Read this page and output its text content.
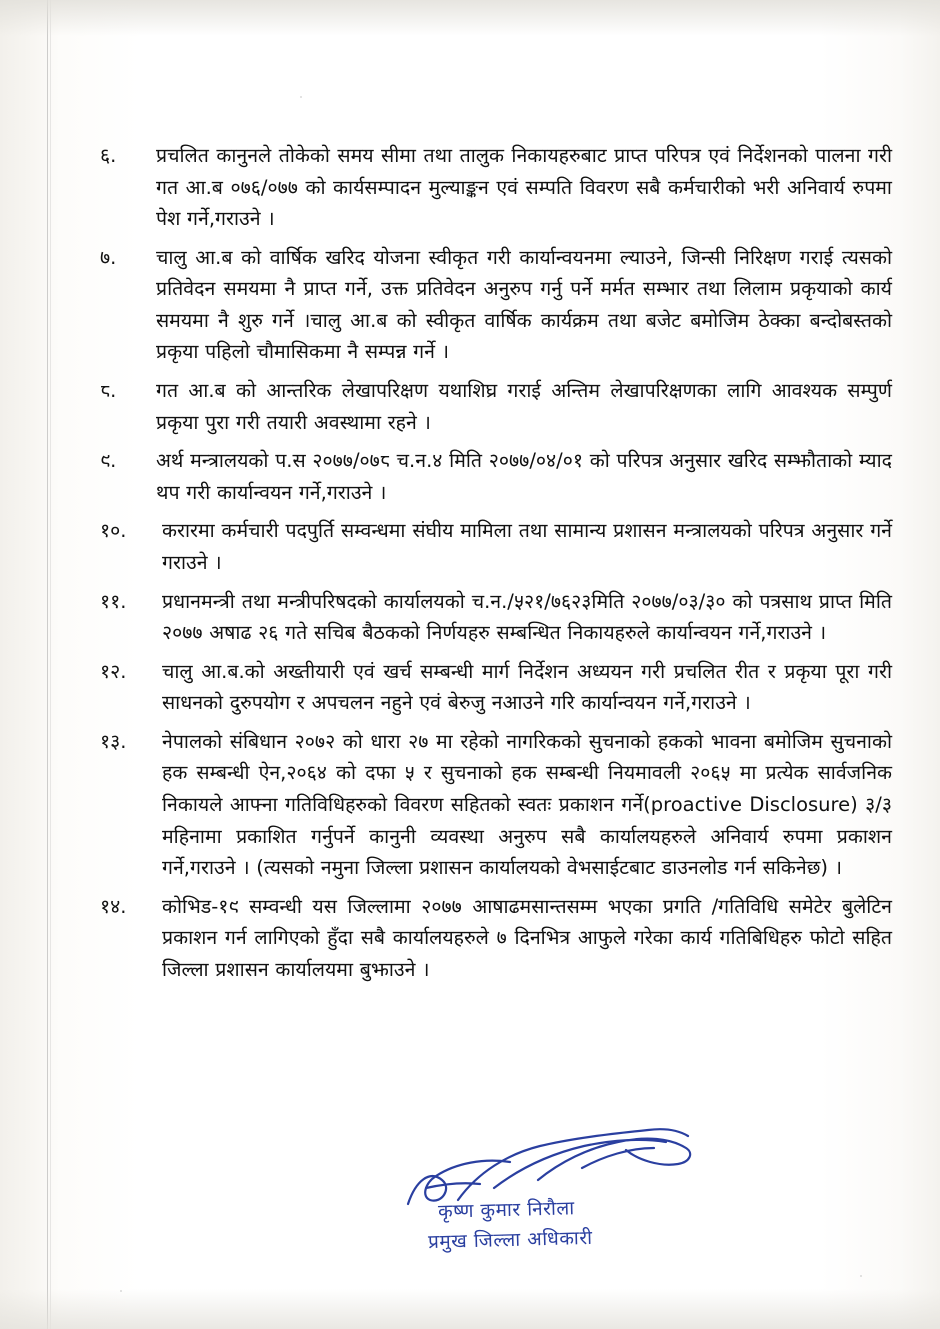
६.	प्रचलित कानुनले तोकेको समय सीमा तथा तालुक निकायहरुबाट प्राप्त परिपत्र एवं निर्देशनको पालना गरी गत आ.ब ०७६/०७७ को कार्यसम्पादन मुल्याङ्कन एवं सम्पति विवरण सबै कर्मचारीको भरी अनिवार्य रुपमा पेश गर्ने,गराउने ।
७.	चालु आ.ब को वार्षिक खरिद योजना स्वीकृत गरी कार्यान्वयनमा ल्याउने, जिन्सी निरिक्षण गराई त्यसको प्रतिवेदन समयमा नै प्राप्त गर्ने, उक्त प्रतिवेदन अनुरुप गर्नु पर्ने मर्मत सम्भार तथा लिलाम प्रकृयाको कार्य समयमा नै शुरु गर्ने ।चालु आ.ब को स्वीकृत वार्षिक कार्यक्रम तथा बजेट बमोजिम ठेक्का बन्दोबस्तको प्रकृया पहिलो चौमासिकमा नै सम्पन्न गर्ने ।
८.	गत आ.ब को आन्तरिक लेखापरिक्षण यथाशिघ्र गराई अन्तिम लेखापरिक्षणका लागि आवश्यक सम्पुर्ण प्रकृया पुरा गरी तयारी अवस्थामा रहने ।
९.	अर्थ मन्त्रालयको प.स २०७७/०७८ च.न.४ मिति २०७७/०४/०१ को परिपत्र अनुसार खरिद सम्झौताको म्याद थप गरी कार्यान्वयन गर्ने,गराउने ।
१०.	करारमा कर्मचारी पदपुर्ति सम्वन्धमा संघीय मामिला तथा सामान्य प्रशासन मन्त्रालयको परिपत्र अनुसार गर्ने गराउने ।
११.	प्रधानमन्त्री तथा मन्त्रीपरिषदको कार्यालयको च.न./५२१/७६२३मिति २०७७/०३/३० को पत्रसाथ प्राप्त मिति २०७७ अषाढ २६ गते सचिब बैठकको निर्णयहरु सम्बन्धित निकायहरुले कार्यान्वयन गर्ने,गराउने ।
१२.	चालु आ.ब.को अख्तीयारी एवं खर्च सम्बन्धी मार्ग निर्देशन अध्ययन गरी प्रचलित रीत र प्रकृया पूरा गरी साधनको दुरुपयोग र अपचलन नहुने एवं बेरुजु नआउने गरि कार्यान्वयन गर्ने,गराउने ।
१३.	नेपालको संबिधान २०७२ को धारा २७ मा रहेको नागरिकको सुचनाको हकको भावना बमोजिम सुचनाको हक सम्बन्धी ऐन,२०६४ को दफा ५ र सुचनाको हक सम्बन्धी नियमावली २०६५ मा प्रत्येक सार्वजनिक निकायले आफ्ना गतिविधिहरुको विवरण सहितको स्वतः प्रकाशन गर्ने(proactive Disclosure) ३/३ महिनामा प्रकाशित गर्नुपर्ने कानुनी व्यवस्था अनुरुप सबै कार्यालयहरुले अनिवार्य रुपमा प्रकाशन गर्ने,गराउने । (त्यसको नमुना जिल्ला प्रशासन कार्यालयको वेभसाईटबाट डाउनलोड गर्न सकिनेछ) ।
१४.	कोभिड-१९ सम्वन्धी यस जिल्लामा २०७७ आषाढमसान्तसम्म भएका प्रगति /गतिविधि समेटेर बुलेटिन प्रकाशन गर्न लागिएको हुँदा सबै कार्यालयहरुले ७ दिनभित्र आफुले गरेका कार्य गतिबिधिहरु फोटो सहित जिल्ला प्रशासन कार्यालयमा बुझाउने ।
कृष्ण कुमार निरौला
प्रमुख जिल्ला अधिकारी
